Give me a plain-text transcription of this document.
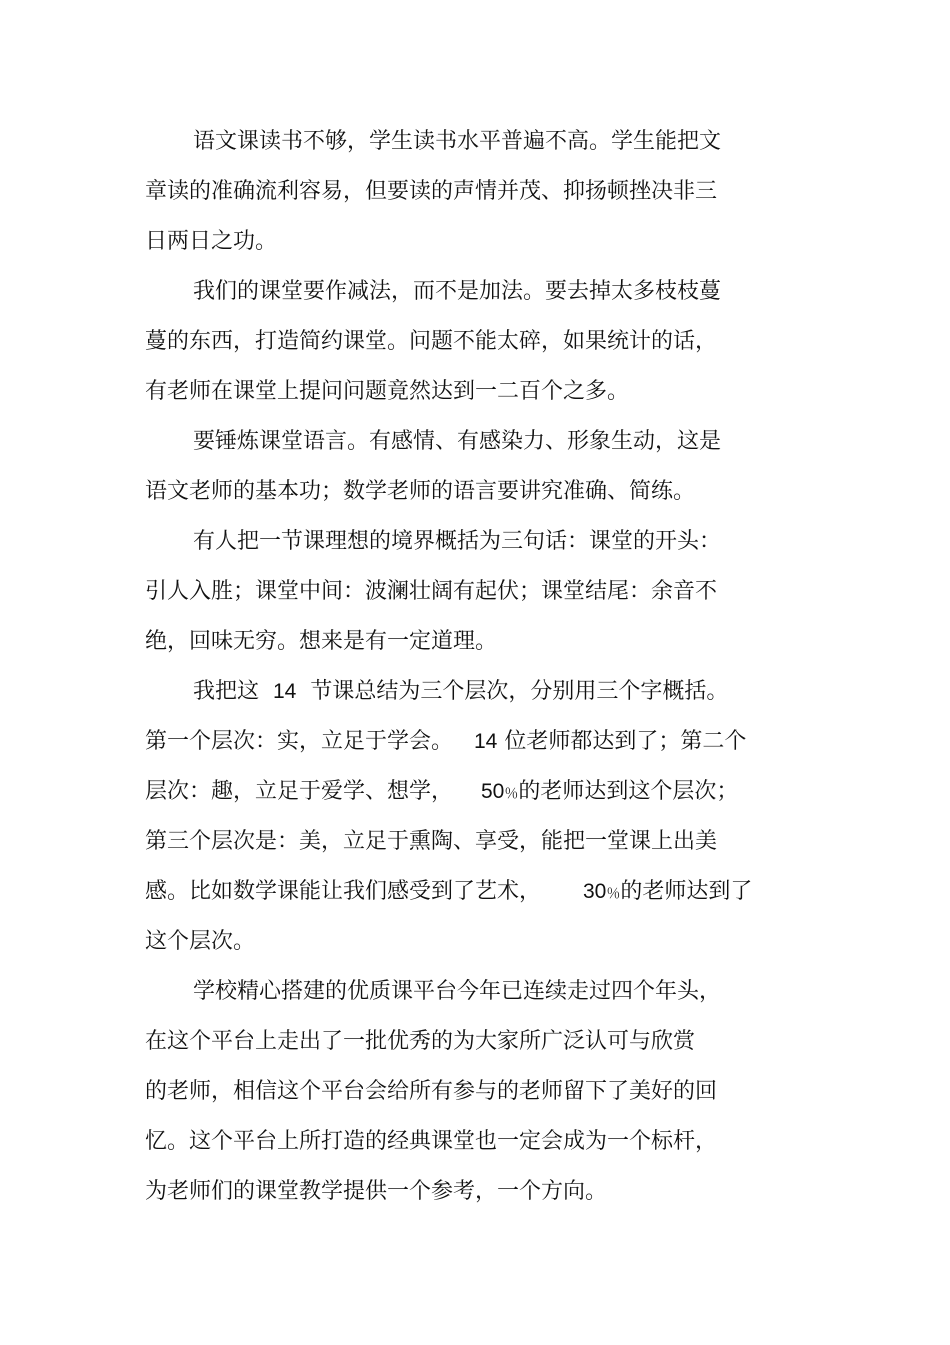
语文课读书不够，学生读书水平普遍不高。学生能把文

章读的准确流利容易，但要读的声情并茂、抑扬顿挫决非三

日两日之功。

我们的课堂要作减法，而不是加法。要去掉太多枝枝蔓

蔓的东西，打造简约课堂。问题不能太碎，如果统计的话，

有老师在课堂上提问问题竟然达到一二百个之多。

要锤炼课堂语言。有感情、有感染力、形象生动，这是

语文老师的基本功；数学老师的语言要讲究准确、简练。

有人把一节课理想的境界概括为三句话：课堂的开头：

引人入胜；课堂中间：波澜壮阔有起伏；课堂结尾：余音不

绝，回味无穷。想来是有一定道理。

我把这  14  节课总结为三个层次，分别用三个字概括。

第一个层次：实，立足于学会。   14 位老师都达到了；第二个

层次：趣，立足于爱学、想学，    50％的老师达到这个层次；

第三个层次是：美，立足于熏陶、享受，能把一堂课上出美

感。比如数学课能让我们感受到了艺术，      30％的老师达到了

这个层次。

学校精心搭建的优质课平台今年已连续走过四个年头，

在这个平台上走出了一批优秀的为大家所广泛认可与欣赏

的老师，相信这个平台会给所有参与的老师留下了美好的回

忆。这个平台上所打造的经典课堂也一定会成为一个标杆，

为老师们的课堂教学提供一个参考，一个方向。
